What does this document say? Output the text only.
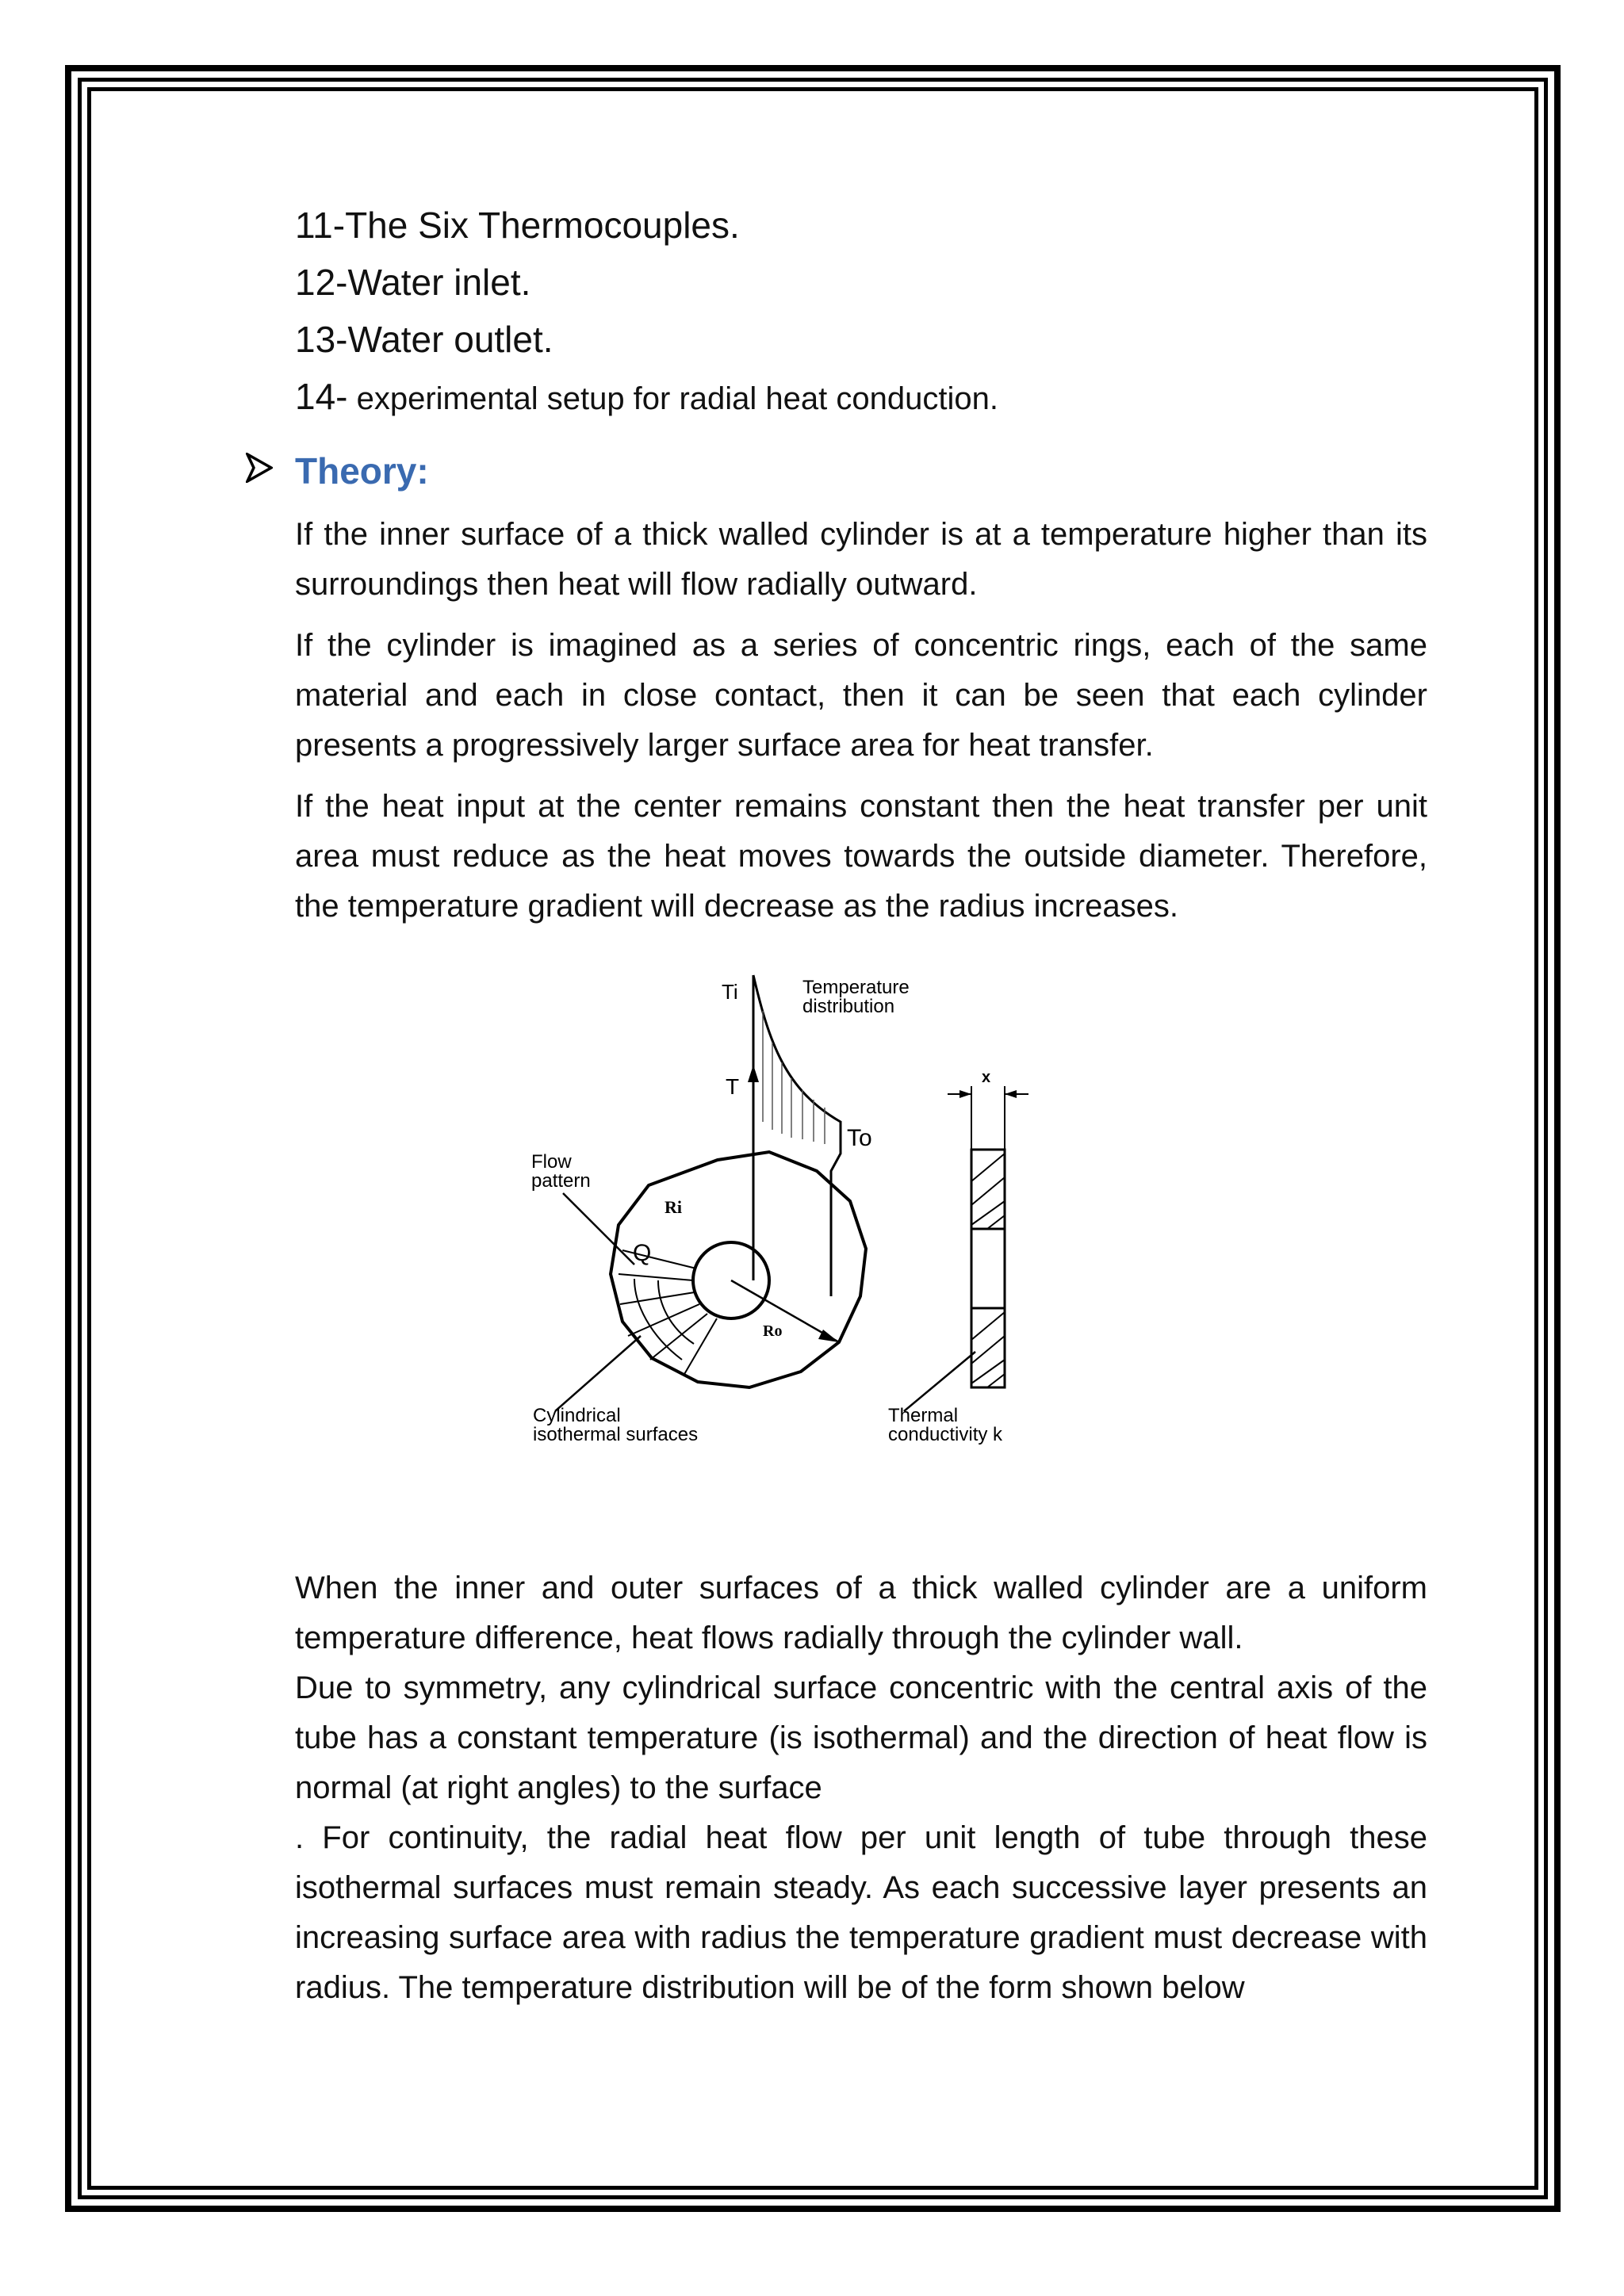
11-The Six Thermocouples.
12-Water inlet.
13-Water outlet.
14- experimental setup for radial heat conduction.
Theory:

If the inner surface of a thick walled cylinder is at a temperature higher than its surroundings then heat will flow radially outward.

If the cylinder is imagined as a series of concentric rings, each of the same material and each in close contact, then it can be seen that each cylinder presents a progressively larger surface area for heat transfer.

If the heat input at the center remains constant then the heat transfer per unit area must reduce as the heat moves towards the outside diameter. Therefore, the temperature gradient will decrease as the radius increases.

Ti	Temperature
distribution
T
To
Ri
Ro
Q
Flow
pattern
Cylindrical
isothermal surfaces
x
Thermal
conductivity k

When the inner and outer surfaces of a thick walled cylinder are a uniform temperature difference, heat flows radially through the cylinder wall.

Due to symmetry, any cylindrical surface concentric with the central axis of the tube has a constant temperature (is isothermal) and the direction of heat flow is normal (at right angles) to the surface

. For continuity, the radial heat flow per unit length of tube through these isothermal surfaces must remain steady. As each successive layer presents an increasing surface area with radius the temperature gradient must decrease with radius. The temperature distribution will be of the form shown below
